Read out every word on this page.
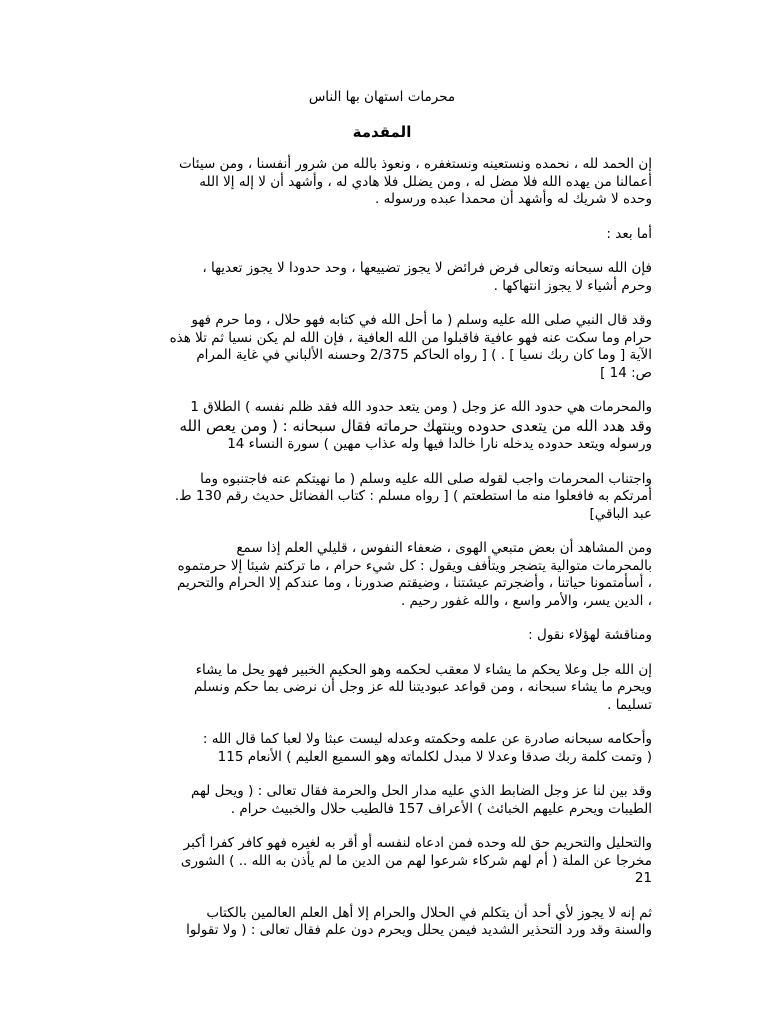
محرمات استهان بها الناس
المقدمة

إن الحمد لله ، نحمده ونستعينه ونستغفره ، ونعوذ بالله من شرور أنفسنا ، ومن سيئات
أعمالنا من يهده الله فلا مضل له ، ومن يضلل فلا هادي له ، وأشهد أن لا إله إلا الله
وحده لا شريك له وأشهد أن محمدا عبده ورسوله .

أما بعد :

فإن الله سبحانه وتعالى فرض فرائض لا يجوز تضييعها ، وحد حدودا لا يجوز تعديها ،
وحرم أشياء لا يجوز انتهاكها .

وقد قال النبي صلى الله عليه وسلم ( ما أحل الله في كتابه فهو حلال ، وما حرم فهو
حرام وما سكت عنه فهو عافية فاقبلوا من الله العافية ، فإن الله لم يكن نسيا ثم تلا هذه
الآية [ وما كان ربك نسيا ] . ) [ رواه الحاكم 2/375 وحسنه الألباني في غاية المرام
ص: 14 ]

والمحرمات هي حدود الله عز وجل ( ومن يتعد حدود الله فقد ظلم نفسه ) الطلاق 1
وقد هدد الله من يتعدى حدوده وينتهك حرماته فقال سبحانه : ( ومن يعص الله
ورسوله ويتعد حدوده يدخله نارا خالدا فيها وله عذاب مهين ) سورة النساء 14

واجتناب المحرمات واجب لقوله صلى الله عليه وسلم ( ما نهيتكم عنه فاجتنبوه وما
أمرتكم به فافعلوا منه ما استطعتم ) [ رواه مسلم : كتاب الفضائل حديث رقم 130 ط.
عبد الباقي]

ومن المشاهد أن بعض متبعي الهوى ، ضعفاء النفوس ، قليلي العلم إذا سمع
بالمحرمات متوالية يتضجر ويتأفف ويقول : كل شيء حرام ، ما تركتم شيئا إلا حرمتموه
، أسأمتمونا حياتنا ، وأضجرتم عيشتنا ، وضيقتم صدورنا ، وما عندكم إلا الحرام والتحريم
، الدين يسر، والأمر واسع ، والله غفور رحيم .

ومناقشة لهؤلاء نقول :

إن الله جل وعلا يحكم ما يشاء لا معقب لحكمه وهو الحكيم الخبير فهو يحل ما يشاء
ويحرم ما يشاء سبحانه ، ومن قواعد عبوديتنا لله عز وجل أن نرضى بما حكم ونسلم
تسليما .

وأحكامه سبحانه صادرة عن علمه وحكمته وعدله ليست عبثا ولا لعبا كما قال الله :
( وتمت كلمة ربك صدقا وعدلا لا مبدل لكلماته وهو السميع العليم ) الأنعام 115

وقد بين لنا عز وجل الضابط الذي عليه مدار الحل والحرمة فقال تعالى : ( ويحل لهم
الطيبات ويحرم عليهم الخبائث ) الأعراف 157 فالطيب حلال والخبيث حرام .

والتحليل والتحريم حق لله وحده فمن ادعاه لنفسه أو أقر به لغيره فهو كافر كفرا أكبر
مخرجا عن الملة ( أم لهم شركاء شرعوا لهم من الدين ما لم يأذن به الله .. ) الشورى
21

ثم إنه لا يجوز لأي أحد أن يتكلم في الحلال والحرام إلا أهل العلم العالمين بالكتاب
والسنة وقد ورد التحذير الشديد فيمن يحلل ويحرم دون علم فقال تعالى : ( ولا تقولوا
